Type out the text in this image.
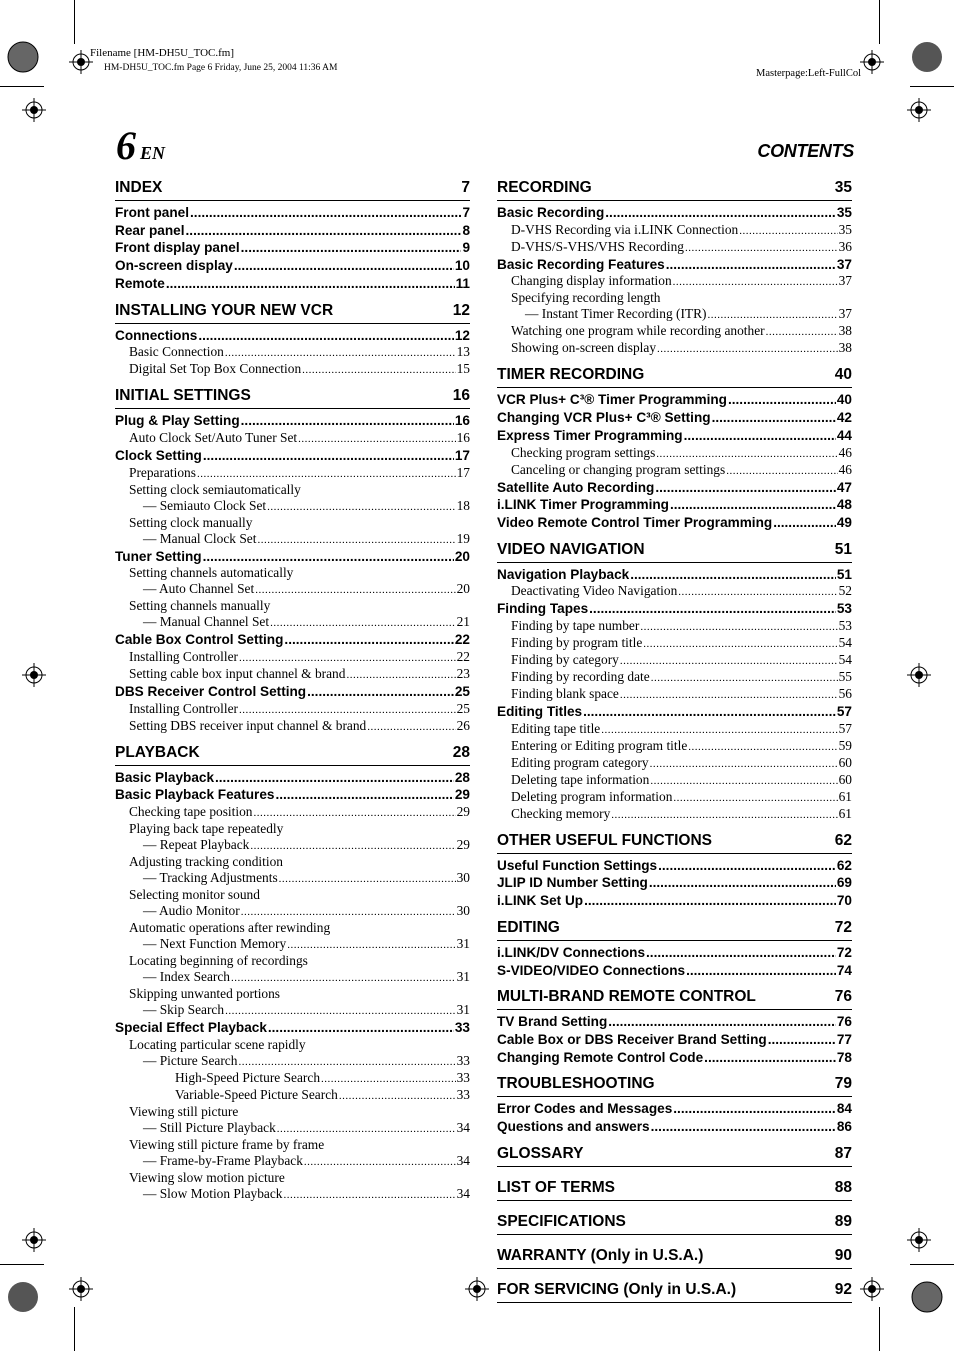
Filename [HM-DH5U_TOC.fm]
HM-DH5U_TOC.fm Page 6 Friday, June 25, 2004 11:36 AM	Masterpage:Left-FullCol
6 EN	CONTENTS
INDEX	7
Front panel .....	7
Rear panel .....	8
Front display panel .....	9
On-screen display .....	10
Remote .....	11
INSTALLING YOUR NEW VCR	12
Connections .....	12
Basic Connection .....	13
Digital Set Top Box Connection .....	15
INITIAL SETTINGS	16
Plug & Play Setting .....	16
Auto Clock Set/Auto Tuner Set .....	16
Clock Setting .....	17
Preparations .....	17
Setting clock semiautomatically
— Semiauto Clock Set .....	18
Setting clock manually
— Manual Clock Set .....	19
Tuner Setting .....	20
Setting channels automatically
— Auto Channel Set .....	20
Setting channels manually
— Manual Channel Set .....	21
Cable Box Control Setting .....	22
Installing Controller .....	22
Setting cable box input channel & brand .....	23
DBS Receiver Control Setting .....	25
Installing Controller .....	25
Setting DBS receiver input channel & brand .....	26
PLAYBACK	28
Basic Playback .....	28
Basic Playback Features .....	29
Checking tape position .....	29
Playing back tape repeatedly
— Repeat Playback .....	29
Adjusting tracking condition
— Tracking Adjustments .....	30
Selecting monitor sound
— Audio Monitor .....	30
Automatic operations after rewinding
— Next Function Memory .....	31
Locating beginning of recordings
— Index Search .....	31
Skipping unwanted portions
— Skip Search .....	31
Special Effect Playback .....	33
Locating particular scene rapidly
— Picture Search .....	33
High-Speed Picture Search .....	33
Variable-Speed Picture Search .....	33
Viewing still picture
— Still Picture Playback .....	34
Viewing still picture frame by frame
— Frame-by-Frame Playback .....	34
Viewing slow motion picture
— Slow Motion Playback .....	34
RECORDING	35
Basic Recording .....	35
D-VHS Recording via i.LINK Connection .....	35
D-VHS/S-VHS/VHS Recording .....	36
Basic Recording Features .....	37
Changing display information .....	37
Specifying recording length
— Instant Timer Recording (ITR) .....	37
Watching one program while recording another .....	38
Showing on-screen display .....	38
TIMER RECORDING	40
VCR Plus+ C³® Timer Programming .....	40
Changing VCR Plus+ C³® Setting .....	42
Express Timer Programming .....	44
Checking program settings .....	46
Canceling or changing program settings .....	46
Satellite Auto Recording .....	47
i.LINK Timer Programming .....	48
Video Remote Control Timer Programming .....	49
VIDEO NAVIGATION	51
Navigation Playback .....	51
Deactivating Video Navigation .....	52
Finding Tapes .....	53
Finding by tape number .....	53
Finding by program title .....	54
Finding by category .....	54
Finding by recording date .....	55
Finding blank space .....	56
Editing Titles .....	57
Editing tape title .....	57
Entering or Editing program title .....	59
Editing program category .....	60
Deleting tape information .....	60
Deleting program information .....	61
Checking memory .....	61
OTHER USEFUL FUNCTIONS	62
Useful Function Settings .....	62
JLIP ID Number Setting .....	69
i.LINK Set Up .....	70
EDITING	72
i.LINK/DV Connections .....	72
S-VIDEO/VIDEO Connections .....	74
MULTI-BRAND REMOTE CONTROL	76
TV Brand Setting .....	76
Cable Box or DBS Receiver Brand Setting .....	77
Changing Remote Control Code .....	78
TROUBLESHOOTING	79
Error Codes and Messages .....	84
Questions and answers .....	86
GLOSSARY	87
LIST OF TERMS	88
SPECIFICATIONS	89
WARRANTY (Only in U.S.A.)	90
FOR SERVICING (Only in U.S.A.)	92
